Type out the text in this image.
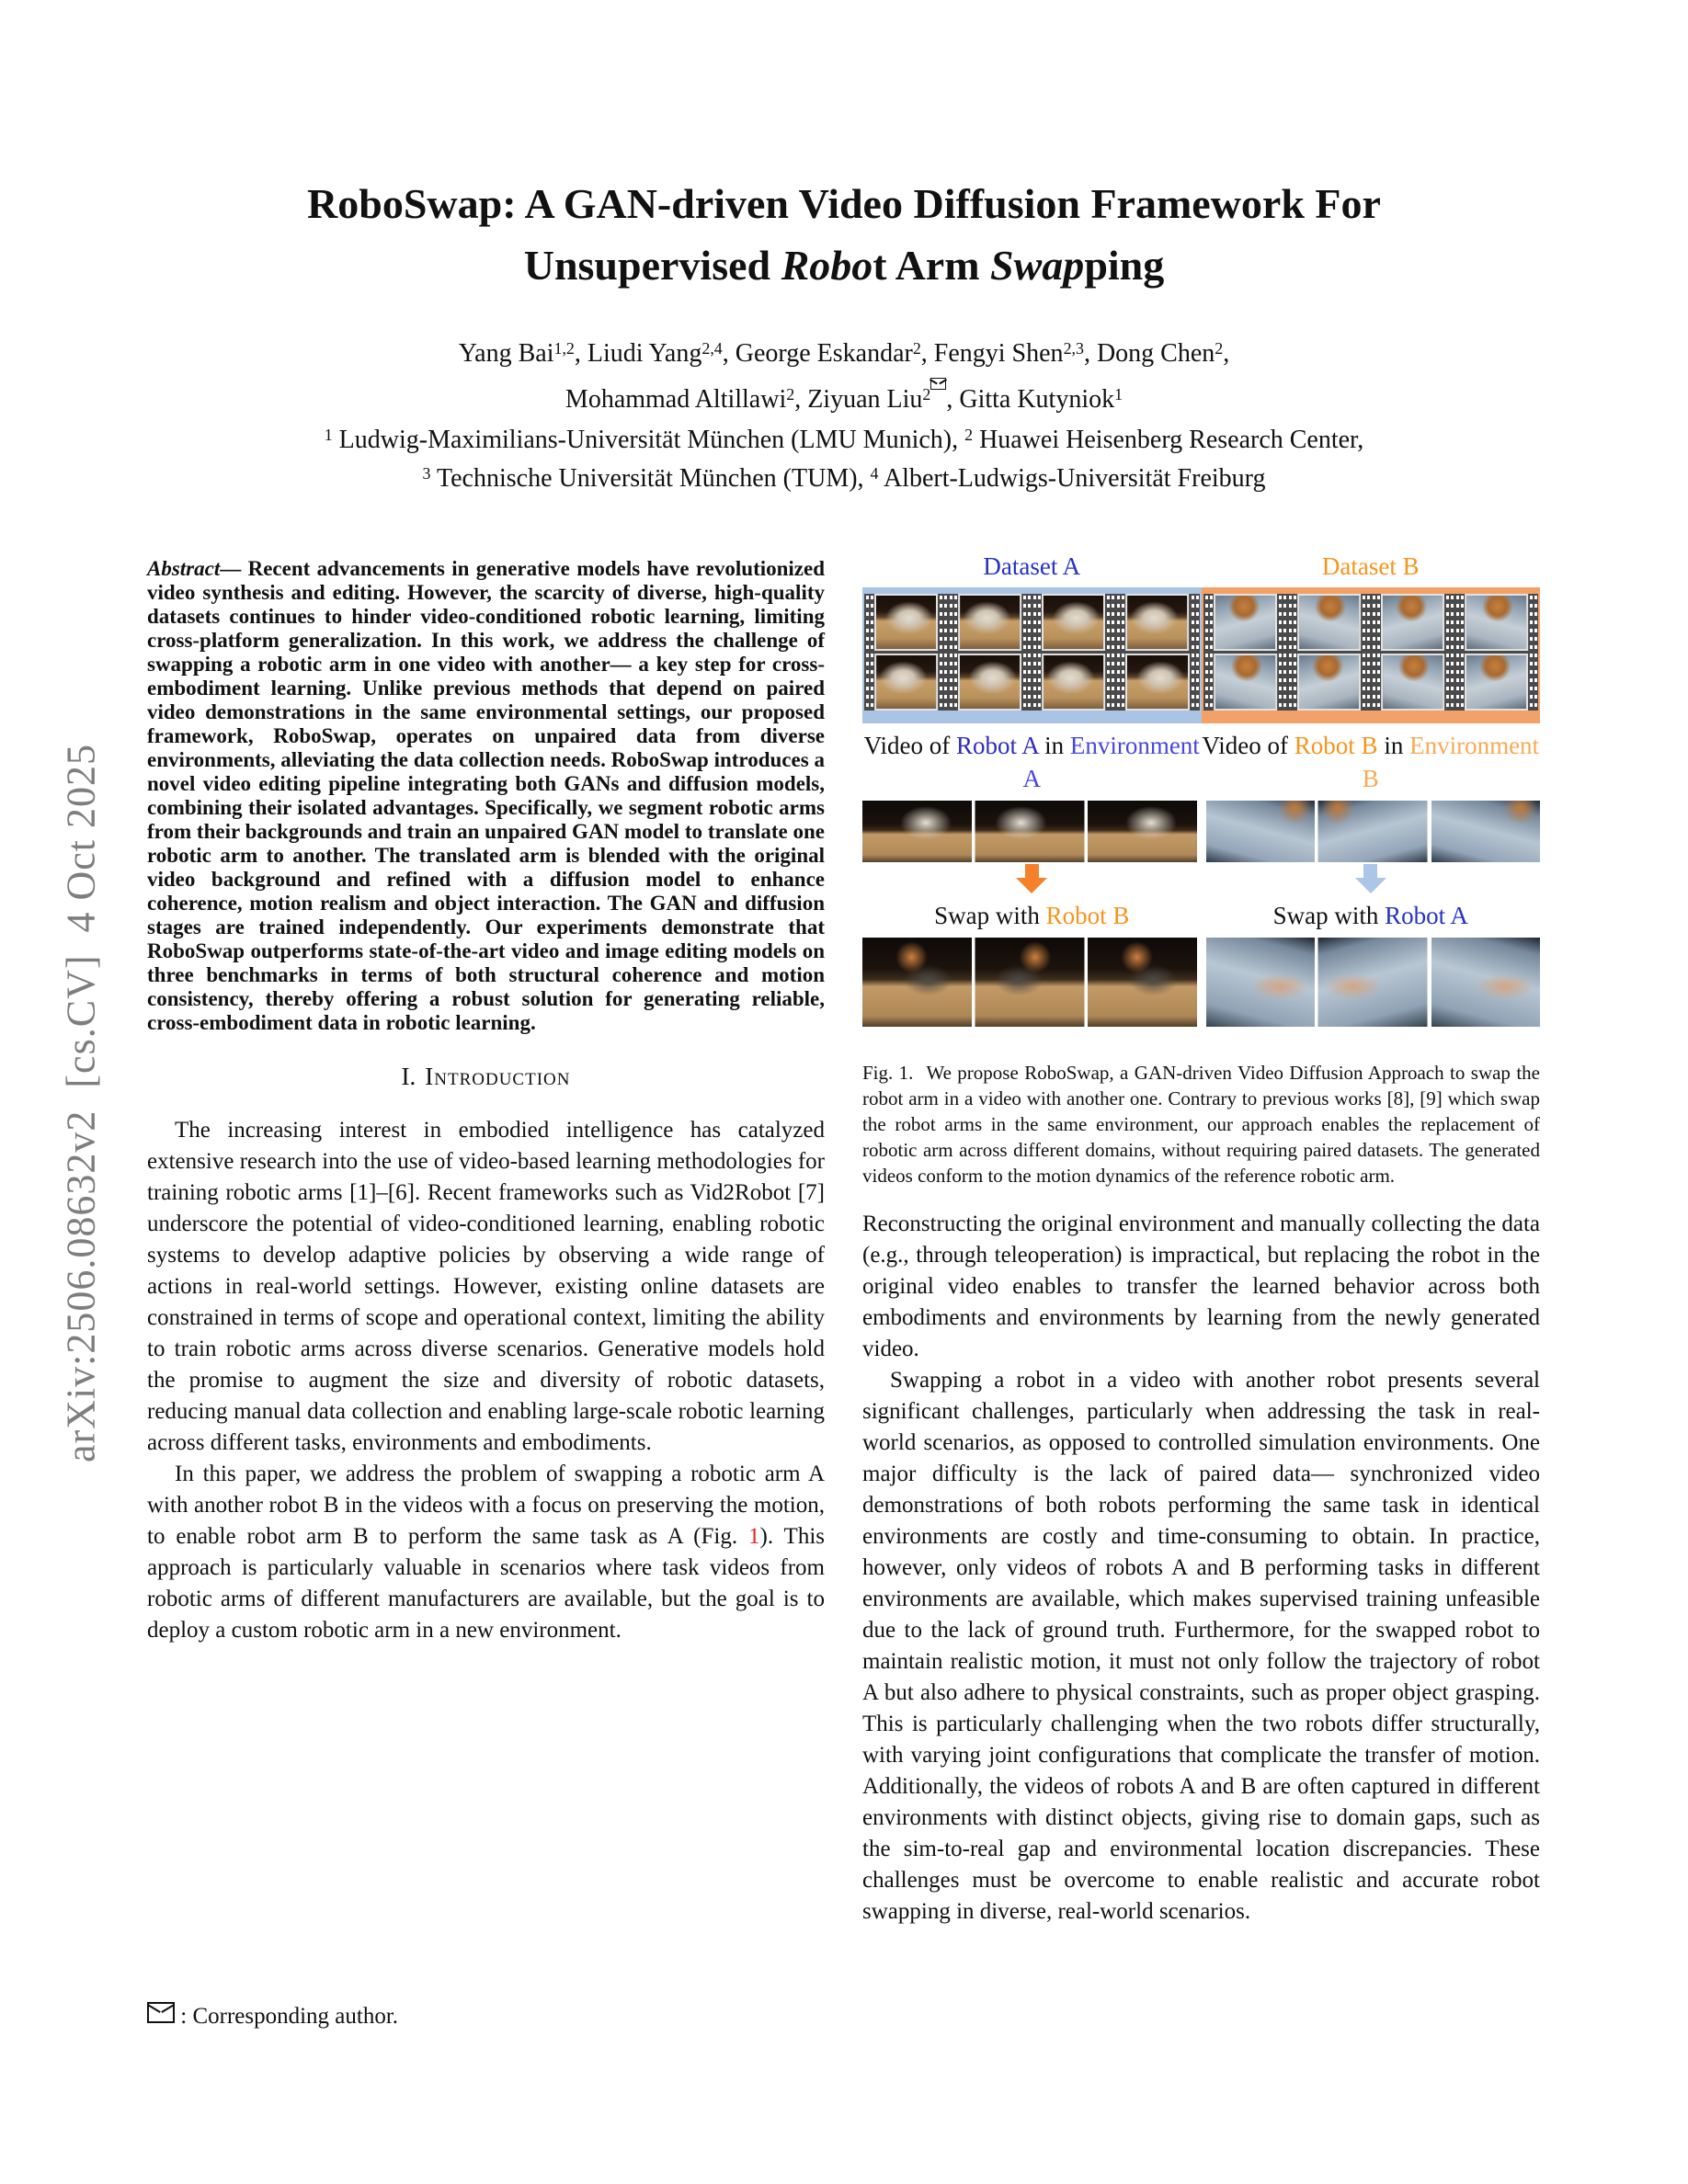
arXiv:2506.08632v2  [cs.CV]  4 Oct 2025
RoboSwap: A GAN-driven Video Diffusion Framework For
Unsupervised Robot Arm Swapping
Yang Bai$^{1,2}$, Liudi Yang$^{2,4}$, George Eskandar$^2$, Fengyi Shen$^{2,3}$, Dong Chen$^2$,
Mohammad Altillawi$^2$, Ziyuan Liu$^2$ , Gitta Kutyniok$^1$
$^1$ Ludwig-Maximilians-Universität München (LMU Munich), $^2$ Huawei Heisenberg Research Center,
$^3$ Technische Universität München (TUM), $^4$ Albert-Ludwigs-Universität Freiburg

Abstract— Recent advancements in generative models have revolutionized video synthesis and editing. However, the scarcity of diverse, high-quality datasets continues to hinder video-conditioned robotic learning, limiting cross-platform generalization. In this work, we address the challenge of swapping a robotic arm in one video with another— a key step for cross-embodiment learning. Unlike previous methods that depend on paired video demonstrations in the same environmental settings, our proposed framework, RoboSwap, operates on unpaired data from diverse environments, alleviating the data collection needs. RoboSwap introduces a novel video editing pipeline integrating both GANs and diffusion models, combining their isolated advantages. Specifically, we segment robotic arms from their backgrounds and train an unpaired GAN model to translate one robotic arm to another. The translated arm is blended with the original video background and refined with a diffusion model to enhance coherence, motion realism and object interaction. The GAN and diffusion stages are trained independently. Our experiments demonstrate that RoboSwap outperforms state-of-the-art video and image editing models on three benchmarks in terms of both structural coherence and motion consistency, thereby offering a robust solution for generating reliable, cross-embodiment data in robotic learning.

I. Introduction

The increasing interest in embodied intelligence has catalyzed extensive research into the use of video-based learning methodologies for training robotic arms [1]–[6]. Recent frameworks such as Vid2Robot [7] underscore the potential of video-conditioned learning, enabling robotic systems to develop adaptive policies by observing a wide range of actions in real-world settings. However, existing online datasets are constrained in terms of scope and operational context, limiting the ability to train robotic arms across diverse scenarios. Generative models hold the promise to augment the size and diversity of robotic datasets, reducing manual data collection and enabling large-scale robotic learning across different tasks, environments and embodiments.

In this paper, we address the problem of swapping a robotic arm A with another robot B in the videos with a focus on preserving the motion, to enable robot arm B to perform the same task as A (Fig. 1). This approach is particularly valuable in scenarios where task videos from robotic arms of different manufacturers are available, but the goal is to deploy a custom robotic arm in a new environment.

: Corresponding author.
Dataset A	Dataset B
Video of Robot A in Environment A
Video of Robot B in Environment B
Swap with Robot B	Swap with Robot A
Fig. 1. We propose RoboSwap, a GAN-driven Video Diffusion Approach to swap the robot arm in a video with another one. Contrary to previous works [8], [9] which swap the robot arms in the same environment, our approach enables the replacement of robotic arm across different domains, without requiring paired datasets. The generated videos conform to the motion dynamics of the reference robotic arm.

Reconstructing the original environment and manually collecting the data (e.g., through teleoperation) is impractical, but replacing the robot in the original video enables to transfer the learned behavior across both embodiments and environments by learning from the newly generated video.

Swapping a robot in a video with another robot presents several significant challenges, particularly when addressing the task in real-world scenarios, as opposed to controlled simulation environments. One major difficulty is the lack of paired data— synchronized video demonstrations of both robots performing the same task in identical environments are costly and time-consuming to obtain. In practice, however, only videos of robots A and B performing tasks in different environments are available, which makes supervised training unfeasible due to the lack of ground truth. Furthermore, for the swapped robot to maintain realistic motion, it must not only follow the trajectory of robot A but also adhere to physical constraints, such as proper object grasping. This is particularly challenging when the two robots differ structurally, with varying joint configurations that complicate the transfer of motion. Additionally, the videos of robots A and B are often captured in different environments with distinct objects, giving rise to domain gaps, such as the sim-to-real gap and environmental location discrepancies. These challenges must be overcome to enable realistic and accurate robot swapping in diverse, real-world scenarios.
